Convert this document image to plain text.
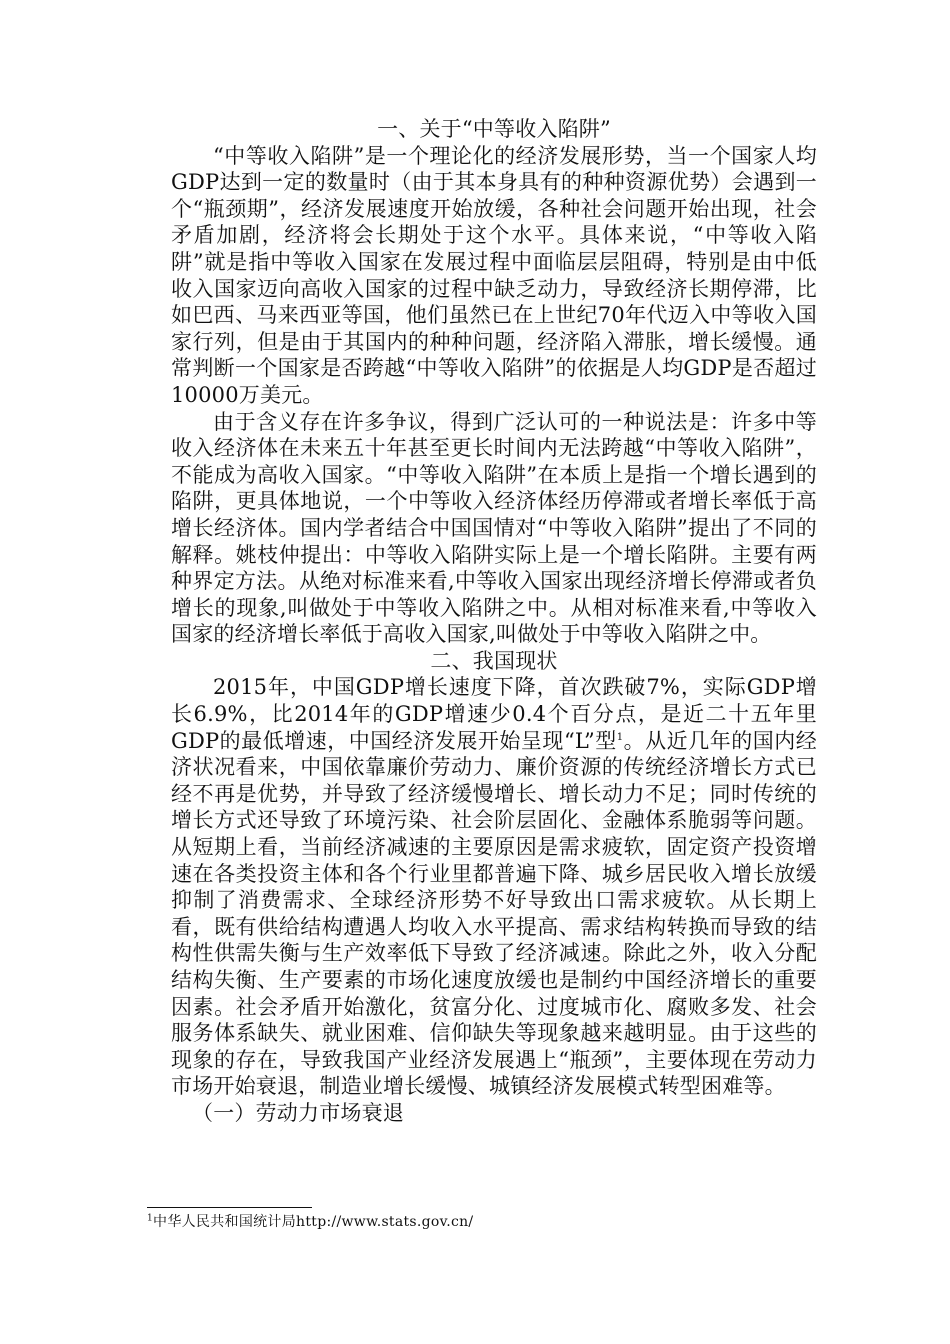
一、关于“中等收入陷阱”

“中等收入陷阱”是一个理论化的经济发展形势，当一个国家人均GDP达到一定的数量时（由于其本身具有的种种资源优势）会遇到一个“瓶颈期”，经济发展速度开始放缓，各种社会问题开始出现，社会矛盾加剧，经济将会长期处于这个水平。具体来说，“中等收入陷阱”就是指中等收入国家在发展过程中面临层层阻碍，特别是由中低收入国家迈向高收入国家的过程中缺乏动力，导致经济长期停滞，比如巴西、马来西亚等国，他们虽然已在上世纪70年代迈入中等收入国家行列，但是由于其国内的种种问题，经济陷入滞胀，增长缓慢。通常判断一个国家是否跨越“中等收入陷阱”的依据是人均GDP是否超过10000万美元。

由于含义存在许多争议，得到广泛认可的一种说法是：许多中等收入经济体在未来五十年甚至更长时间内无法跨越“中等收入陷阱”，不能成为高收入国家。“中等收入陷阱”在本质上是指一个增长遇到的陷阱，更具体地说，一个中等收入经济体经历停滞或者增长率低于高增长经济体。国内学者结合中国国情对“中等收入陷阱”提出了不同的解释。姚枝仲提出：中等收入陷阱实际上是一个增长陷阱。主要有两种界定方法。从绝对标准来看,中等收入国家出现经济增长停滞或者负增长的现象,叫做处于中等收入陷阱之中。从相对标准来看,中等收入国家的经济增长率低于高收入国家,叫做处于中等收入陷阱之中。

二、我国现状

2015年，中国GDP增长速度下降，首次跌破7%，实际GDP增长6.9%，比2014年的GDP增速少0.4个百分点，是近二十五年里GDP的最低增速，中国经济发展开始呈现“L”型$^1$。从近几年的国内经济状况看来，中国依靠廉价劳动力、廉价资源的传统经济增长方式已经不再是优势，并导致了经济缓慢增长、增长动力不足；同时传统的增长方式还导致了环境污染、社会阶层固化、金融体系脆弱等问题。从短期上看，当前经济减速的主要原因是需求疲软，固定资产投资增速在各类投资主体和各个行业里都普遍下降、城乡居民收入增长放缓抑制了消费需求、全球经济形势不好导致出口需求疲软。从长期上看，既有供给结构遭遇人均收入水平提高、需求结构转换而导致的结构性供需失衡与生产效率低下导致了经济减速。除此之外，收入分配结构失衡、生产要素的市场化速度放缓也是制约中国经济增长的重要因素。社会矛盾开始激化，贫富分化、过度城市化、腐败多发、社会服务体系缺失、就业困难、信仰缺失等现象越来越明显。由于这些的现象的存在，导致我国产业经济发展遇上“瓶颈”，主要体现在劳动力市场开始衰退，制造业增长缓慢、城镇经济发展模式转型困难等。

（一）劳动力市场衰退

$^1$中华人民共和国统计局http://www.stats.gov.cn/
